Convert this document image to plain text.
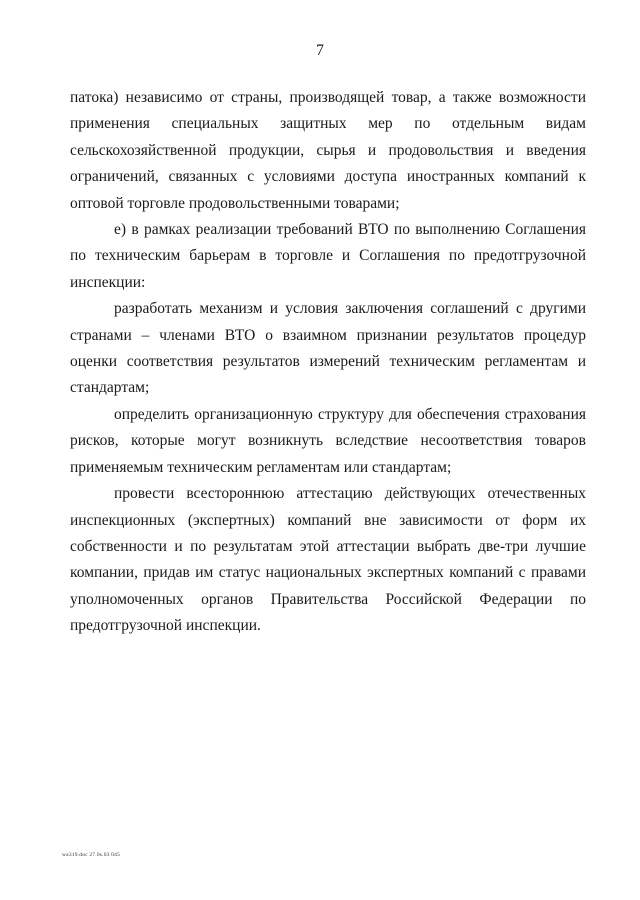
7

патока) независимо от страны, производящей товар, а также возможности применения специальных защитных мер по отдельным видам сельскохозяйственной продукции, сырья и продовольствия и введения ограничений, связанных с условиями доступа иностранных компаний к оптовой торговле продовольственными товарами;

е) в рамках реализации требований ВТО по выполнению Соглашения по техническим барьерам в торговле и Соглашения по предотгрузочной инспекции:

разработать механизм и условия заключения соглашений с другими странами – членами ВТО о взаимном признании результатов процедур оценки соответствия результатов измерений техническим регламентам и стандартам;

определить организационную структуру для обеспечения страхования рисков, которые могут возникнуть вследствие несоответствия товаров применяемым техническим регламентам или стандартам;

провести всестороннюю аттестацию действующих отечественных инспекционных (экспертных) компаний вне зависимости от форм их собственности и по результатам этой аттестации выбрать две-три лучшие компании, придав им статус национальных экспертных компаний с правами уполномоченных органов Правительства Российской Федерации по предотгрузочной инспекции.

wa319.doc 27.0s.03 045
